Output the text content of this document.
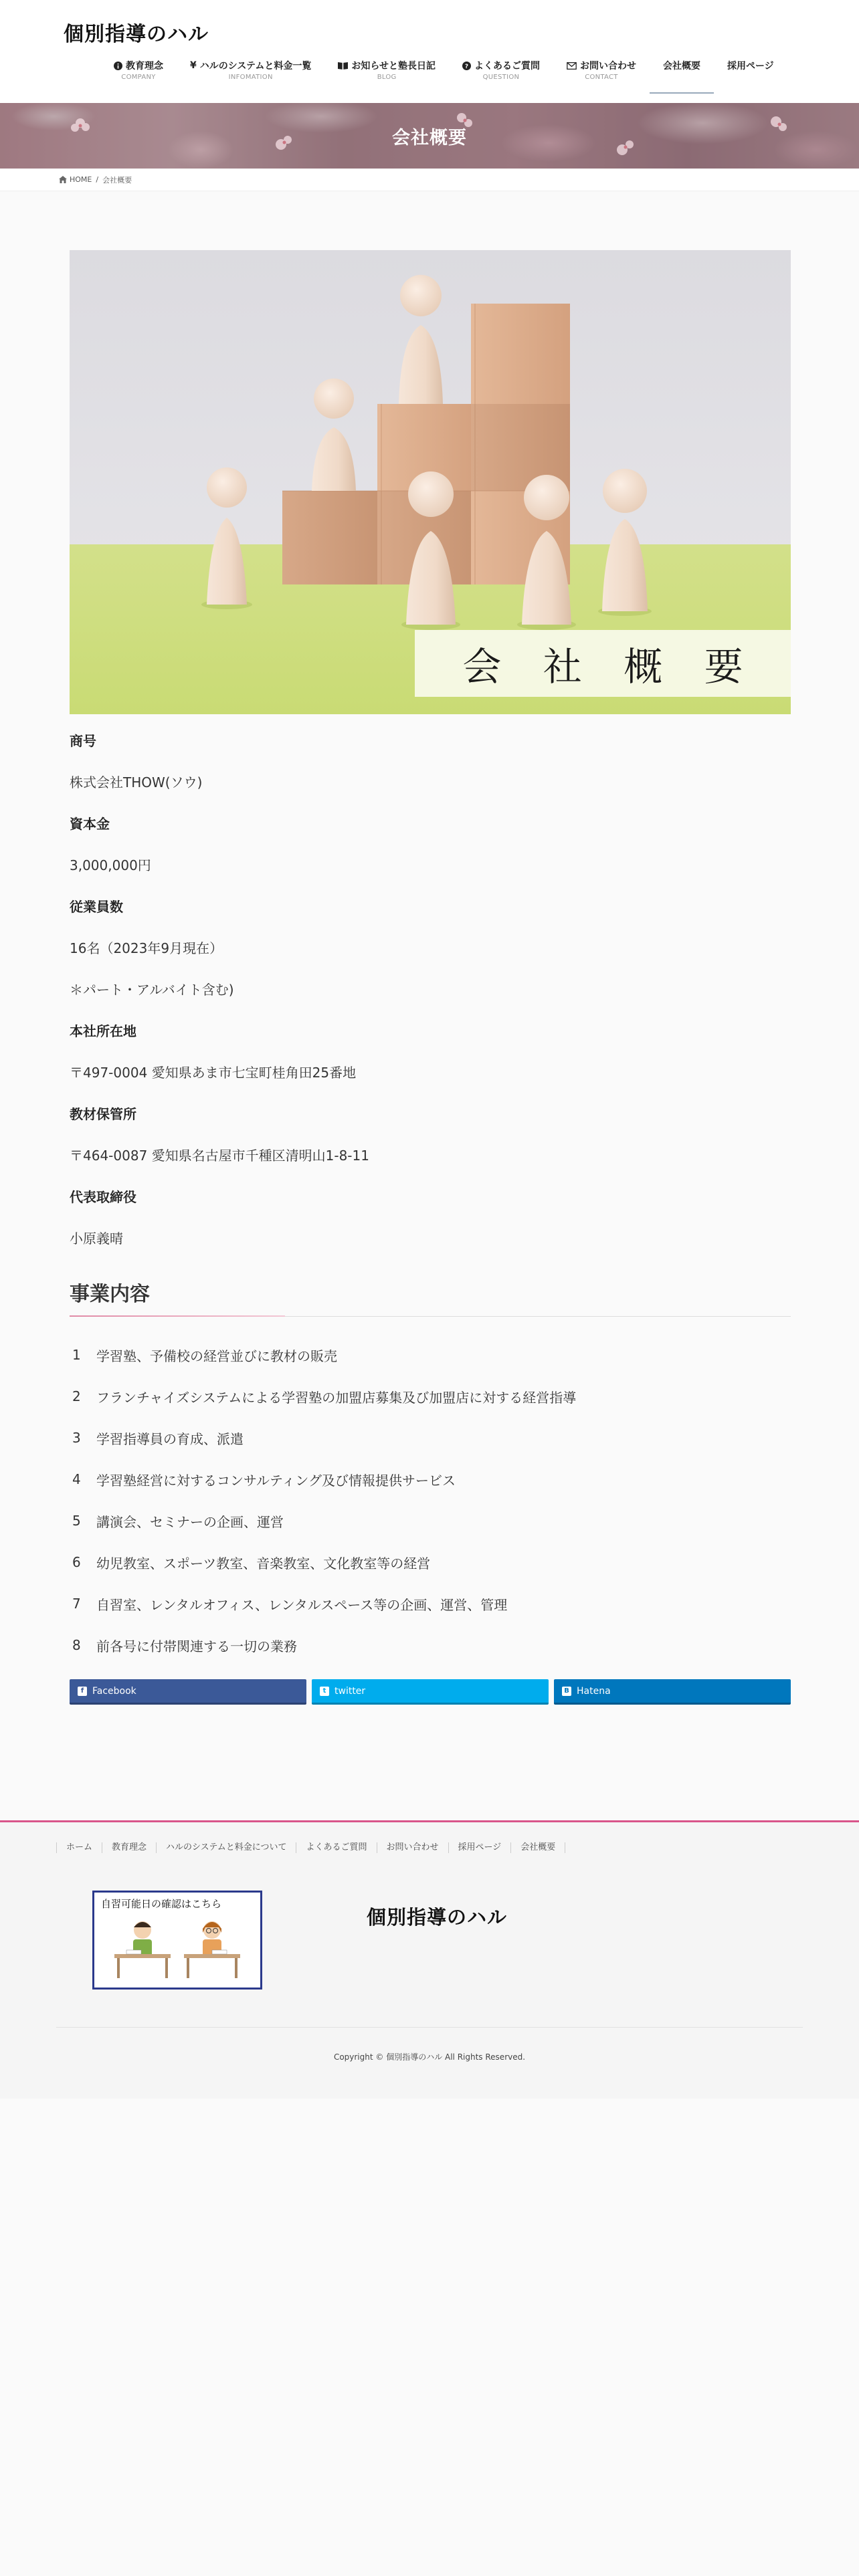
個別指導のハル
教育理念
COMPANY
¥ ハルのシステムと料金一覧
INFOMATION
お知らせと塾長日記
BLOG
? よくあるご質問
QUESTION
お問い合わせ
CONTACT
会社概要	採用ページ
会社概要
HOME / 会社概要
会 社 概 要
商号
株式会社THOW(ソウ)
資本金
3,000,000円
従業員数
16名（2023年9月現在）
＊パート・アルバイト含む)
本社所在地
〒497-0004 愛知県あま市七宝町桂角田25番地
教材保管所
〒464-0087 愛知県名古屋市千種区清明山1-8-11
代表取締役
小原義晴
事業内容
1	学習塾、予備校の経営並びに教材の販売
2	フランチャイズシステムによる学習塾の加盟店募集及び加盟店に対する経営指導
3	学習指導員の育成、派遣
4	学習塾経営に対するコンサルティング及び情報提供サービス
5	講演会、セミナーの企画、運営
6	幼児教室、スポーツ教室、音楽教室、文化教室等の経営
7	自習室、レンタルオフィス、レンタルスペース等の企画、運営、管理
8	前各号に付帯関連する一切の業務
f Facebook	t twitter	B Hatena
ホーム	教育理念	ハルのシステムと料金について	よくあるご質問	お問い合わせ	採用ページ	会社概要
自習可能日の確認はこちら
個別指導のハル
Copyright © 個別指導のハル All Rights Reserved.
